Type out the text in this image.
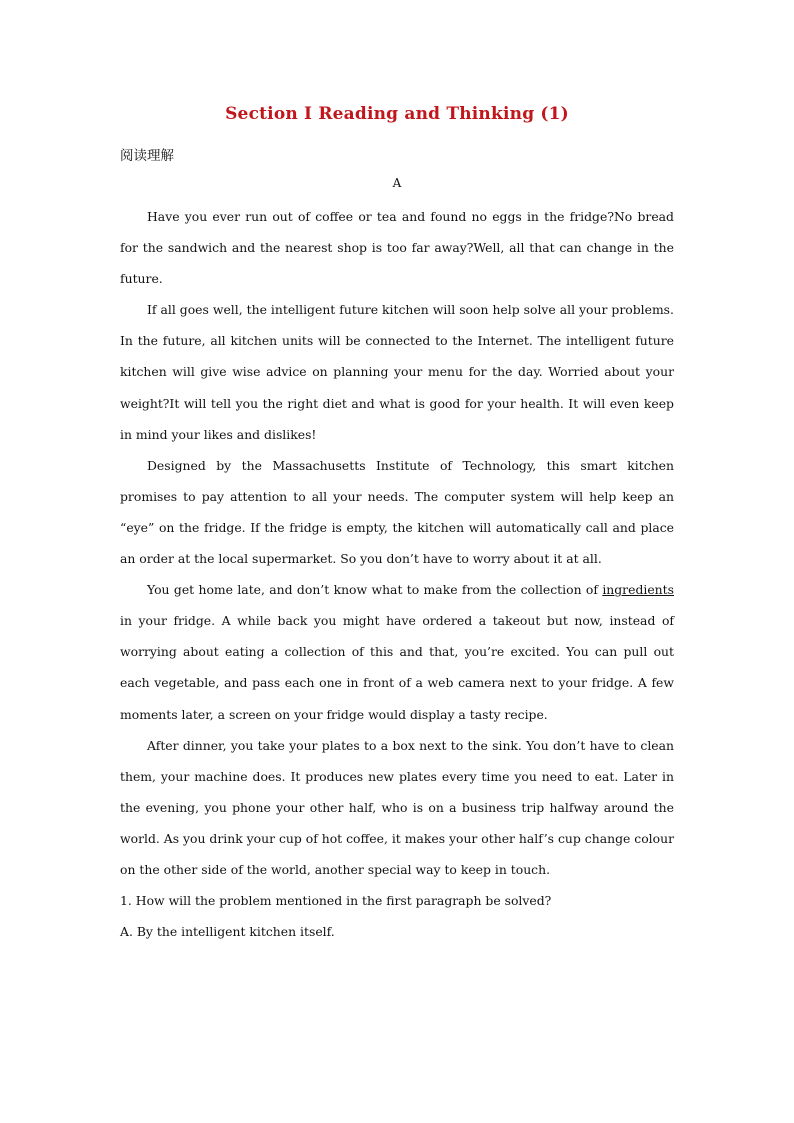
Section Ⅰ Reading and Thinking (1)
阅读理解
A

Have you ever run out of coffee or tea and found no eggs in the fridge?No bread for the sandwich and the nearest shop is too far away?Well, all that can change in the future.

If all goes well, the intelligent future kitchen will soon help solve all your problems. In the future, all kitchen units will be connected to the Internet. The intelligent future kitchen will give wise advice on planning your menu for the day. Worried about your weight?It will tell you the right diet and what is good for your health. It will even keep in mind your likes and dislikes!

Designed by the Massachusetts Institute of Technology, this smart kitchen promises to pay attention to all your needs. The computer system will help keep an “eye” on the fridge. If the fridge is empty, the kitchen will automatically call and place an order at the local supermarket. So you don’t have to worry about it at all.

You get home late, and don’t know what to make from the collection of ingredients in your fridge. A while back you might have ordered a takeout but now, instead of worrying about eating a collection of this and that, you’re excited. You can pull out each vegetable, and pass each one in front of a web camera next to your fridge. A few moments later, a screen on your fridge would display a tasty recipe.

After dinner, you take your plates to a box next to the sink. You don’t have to clean them, your machine does. It produces new plates every time you need to eat. Later in the evening, you phone your other half, who is on a business trip halfway around the world. As you drink your cup of hot coffee, it makes your other half’s cup change colour on the other side of the world, another special way to keep in touch.

1. How will the problem mentioned in the first paragraph be solved?

A. By the intelligent kitchen itself.
